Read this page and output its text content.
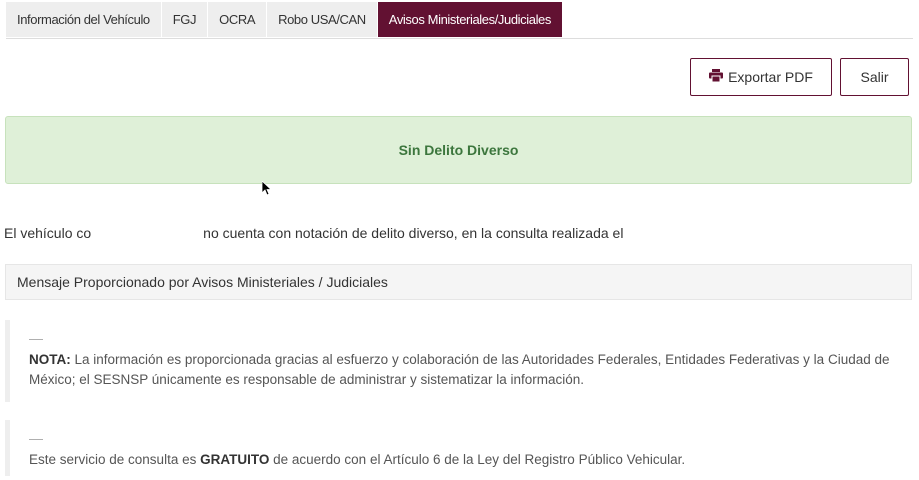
Información del Vehículo	FGJ	OCRA	Robo USA/CAN	Avisos Ministeriales/Judiciales
Exportar PDF	Salir
Sin Delito Diverso
El vehículo co	no cuenta con notación de delito diverso, en la consulta realizada el
Mensaje Proporcionado por Avisos Ministeriales / Judiciales
—

NOTA: La información es proporcionada gracias al esfuerzo y colaboración de las Autoridades Federales, Entidades Federativas y la Ciudad de México; el SESNSP únicamente es responsable de administrar y sistematizar la información.

—

Este servicio de consulta es GRATUITO de acuerdo con el Artículo 6 de la Ley del Registro Público Vehicular.
